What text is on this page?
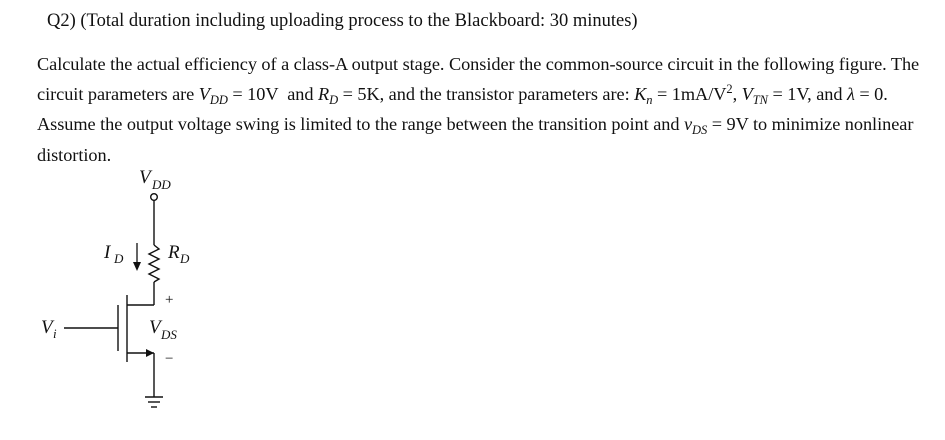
Q2) (Total duration including uploading process to the Blackboard: 30 minutes)
Calculate the actual efficiency of a class-A output stage. Consider the common-source circuit in the following figure. The
circuit parameters are $V_{DD} = 10V$  and $R_D = 5K$, and the transistor parameters are: $K_n = 1mA/V^2$, $V_{TN} = 1V$, and λ = 0.
Assume the output voltage swing is limited to the range between the transition point and $v_{DS} = 9V$ to minimize nonlinear
distortion.
V DD
I D R D
+
V DS
−
V i
